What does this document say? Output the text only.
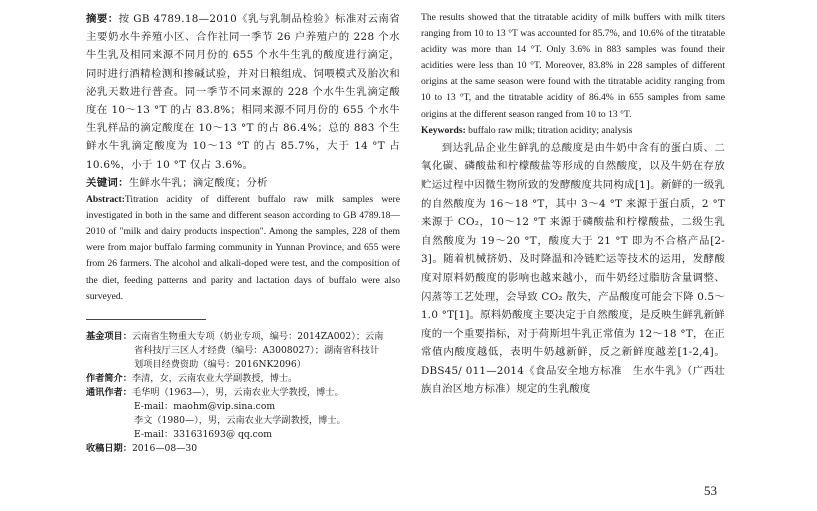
摘要：按 GB 4789.18—2010《乳与乳制品检验》标准对云南省主要奶水牛养殖小区、合作社同一季节 26 户养殖户的 228 个水牛生乳及相同来源不同月份的 655 个水牛生乳的酸度进行滴定，同时进行酒精检测和掺碱试验，并对日粮组成、饲喂模式及胎次和泌乳天数进行普查。同一季节不同来源的 228 个水牛生乳滴定酸度在 10～13 °T 的占 83.8%；相同来源不同月份的 655 个水牛生乳样品的滴定酸度在 10～13 °T 的占 86.4%；总的 883 个生鲜水牛乳滴定酸度为 10～13 °T 的占 85.7%，大于 14 °T 占 10.6%，小于 10 °T 仅占 3.6%。

关键词：生鲜水牛乳；滴定酸度；分析

Abstract:Titration acidity of different buffalo raw milk samples were investigated in both in the same and different season according to GB 4789.18—2010 of "milk and dairy products inspection". Among the samples, 228 of them were from major buffalo farming community in Yunnan Province, and 655 were from 26 farmers. The alcohol and alkali-doped were test, and the composition of the diet, feeding patterns and parity and lactation days of buffalo were also surveyed.

基金项目：云南省生物重大专项（奶业专项，编号：2014ZA002）；云南
省科技厅三区人才经费（编号：A3008027）；湖南省科技计
划项目经费资助（编号：2016NK2096）
作者简介：李清，女，云南农业大学副教授，博士。
通讯作者：毛华明（1963—），男，云南农业大学教授，博士。
E-mail：maohm@vip.sina.com
李文（1980—），男，云南农业大学副教授，博士。
E-mail：331631693@ qq.com
收稿日期：2016—08—30

The results showed that the titratable acidity of milk buffers with milk titers ranging from 10 to 13 °T was accounted for 85.7%, and 10.6% of the titratable acidity was more than 14 °T. Only 3.6% in 883 samples was found their acidities were less than 10 °T. Moreover, 83.8% in 228 samples of different origins at the same season were found with the titratable acidity ranging from 10 to 13 °T, and the titratable acidity of 86.4% in 655 samples from same origins at the different season ranged from 10 to 13 °T.

Keywords: buffalo raw milk; titration acidity; analysis

到达乳品企业生鲜乳的总酸度是由牛奶中含有的蛋白质、二氧化碳、磷酸盐和柠檬酸盐等形成的自然酸度，以及牛奶在存放贮运过程中因微生物所致的发酵酸度共同构成[1]。新鲜的一级乳的自然酸度为 16～18 °T，其中 3～4 °T 来源于蛋白质，2 °T 来源于 CO₂，10～12 °T 来源于磷酸盐和柠檬酸盐，二级生乳自然酸度为 19～20 °T，酸度大于 21 °T 即为不合格产品[2-3]。随着机械挤奶、及时降温和冷链贮运等技术的运用，发酵酸度对原料奶酸度的影响也越来越小，而牛奶经过脂肪含量调整、闪蒸等工艺处理，会导致 CO₂ 散失，产品酸度可能会下降 0.5～1.0 °T[1]。原料奶酸度主要决定于自然酸度，是反映生鲜乳新鲜度的一个重要指标，对于荷斯坦牛乳正常值为 12～18 °T，在正常值内酸度越低，表明牛奶越新鲜，反之新鲜度越差[1-2,4]。DBS45/ 011—2014《食品安全地方标准　生水牛乳》（广西壮族自治区地方标准）规定的生乳酸度

53
